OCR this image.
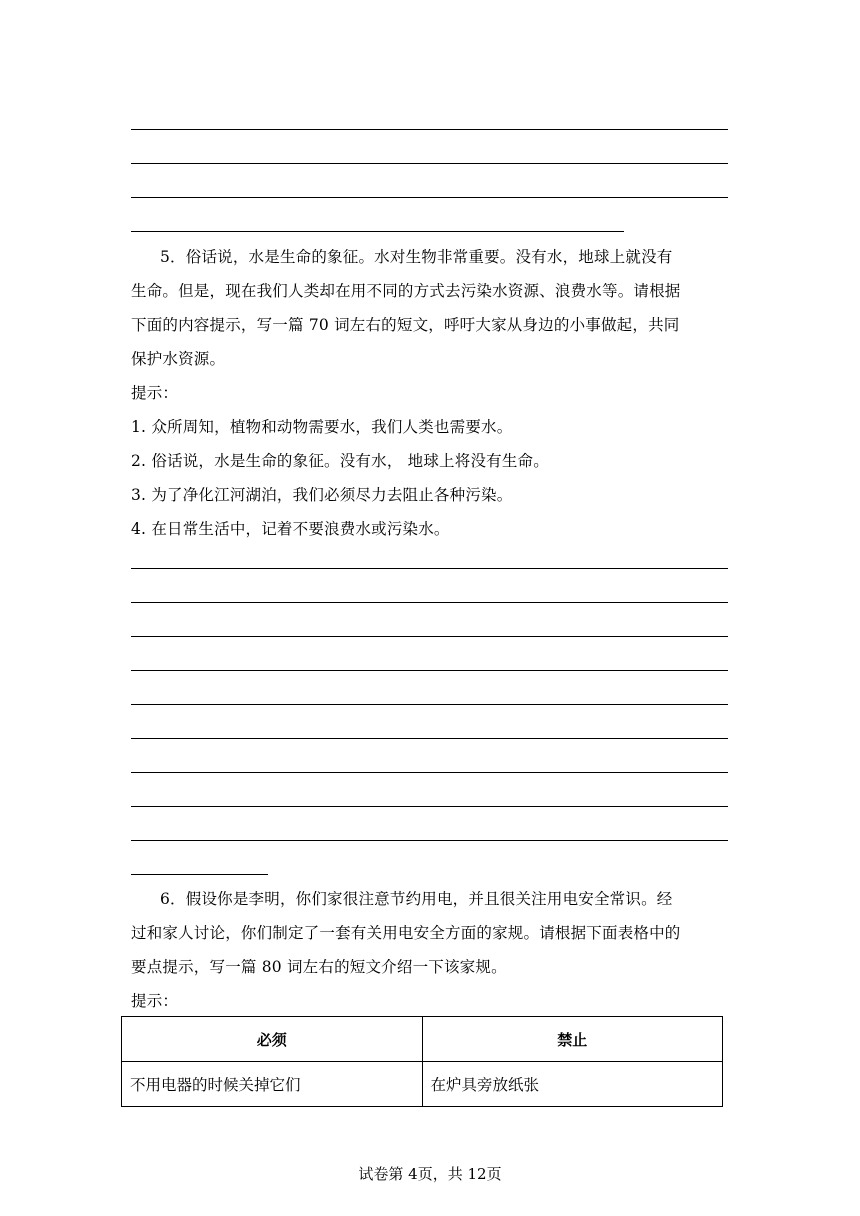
5．俗话说，水是生命的象征。水对生物非常重要。没有水，地球上就没有
生命。但是，现在我们人类却在用不同的方式去污染水资源、浪费水等。请根据
下面的内容提示，写一篇 70 词左右的短文，呼吁大家从身边的小事做起，共同
保护水资源。
提示：
1. 众所周知，植物和动物需要水，我们人类也需要水。
2. 俗话说，水是生命的象征。没有水， 地球上将没有生命。
3. 为了净化江河湖泊，我们必须尽力去阻止各种污染。
4. 在日常生活中，记着不要浪费水或污染水。
6．假设你是李明，你们家很注意节约用电，并且很关注用电安全常识。经
过和家人讨论，你们制定了一套有关用电安全方面的家规。请根据下面表格中的
要点提示，写一篇 80 词左右的短文介绍一下该家规。
提示：
必须	禁止
不用电器的时候关掉它们	在炉具旁放纸张
试卷第 4页，共 12页
